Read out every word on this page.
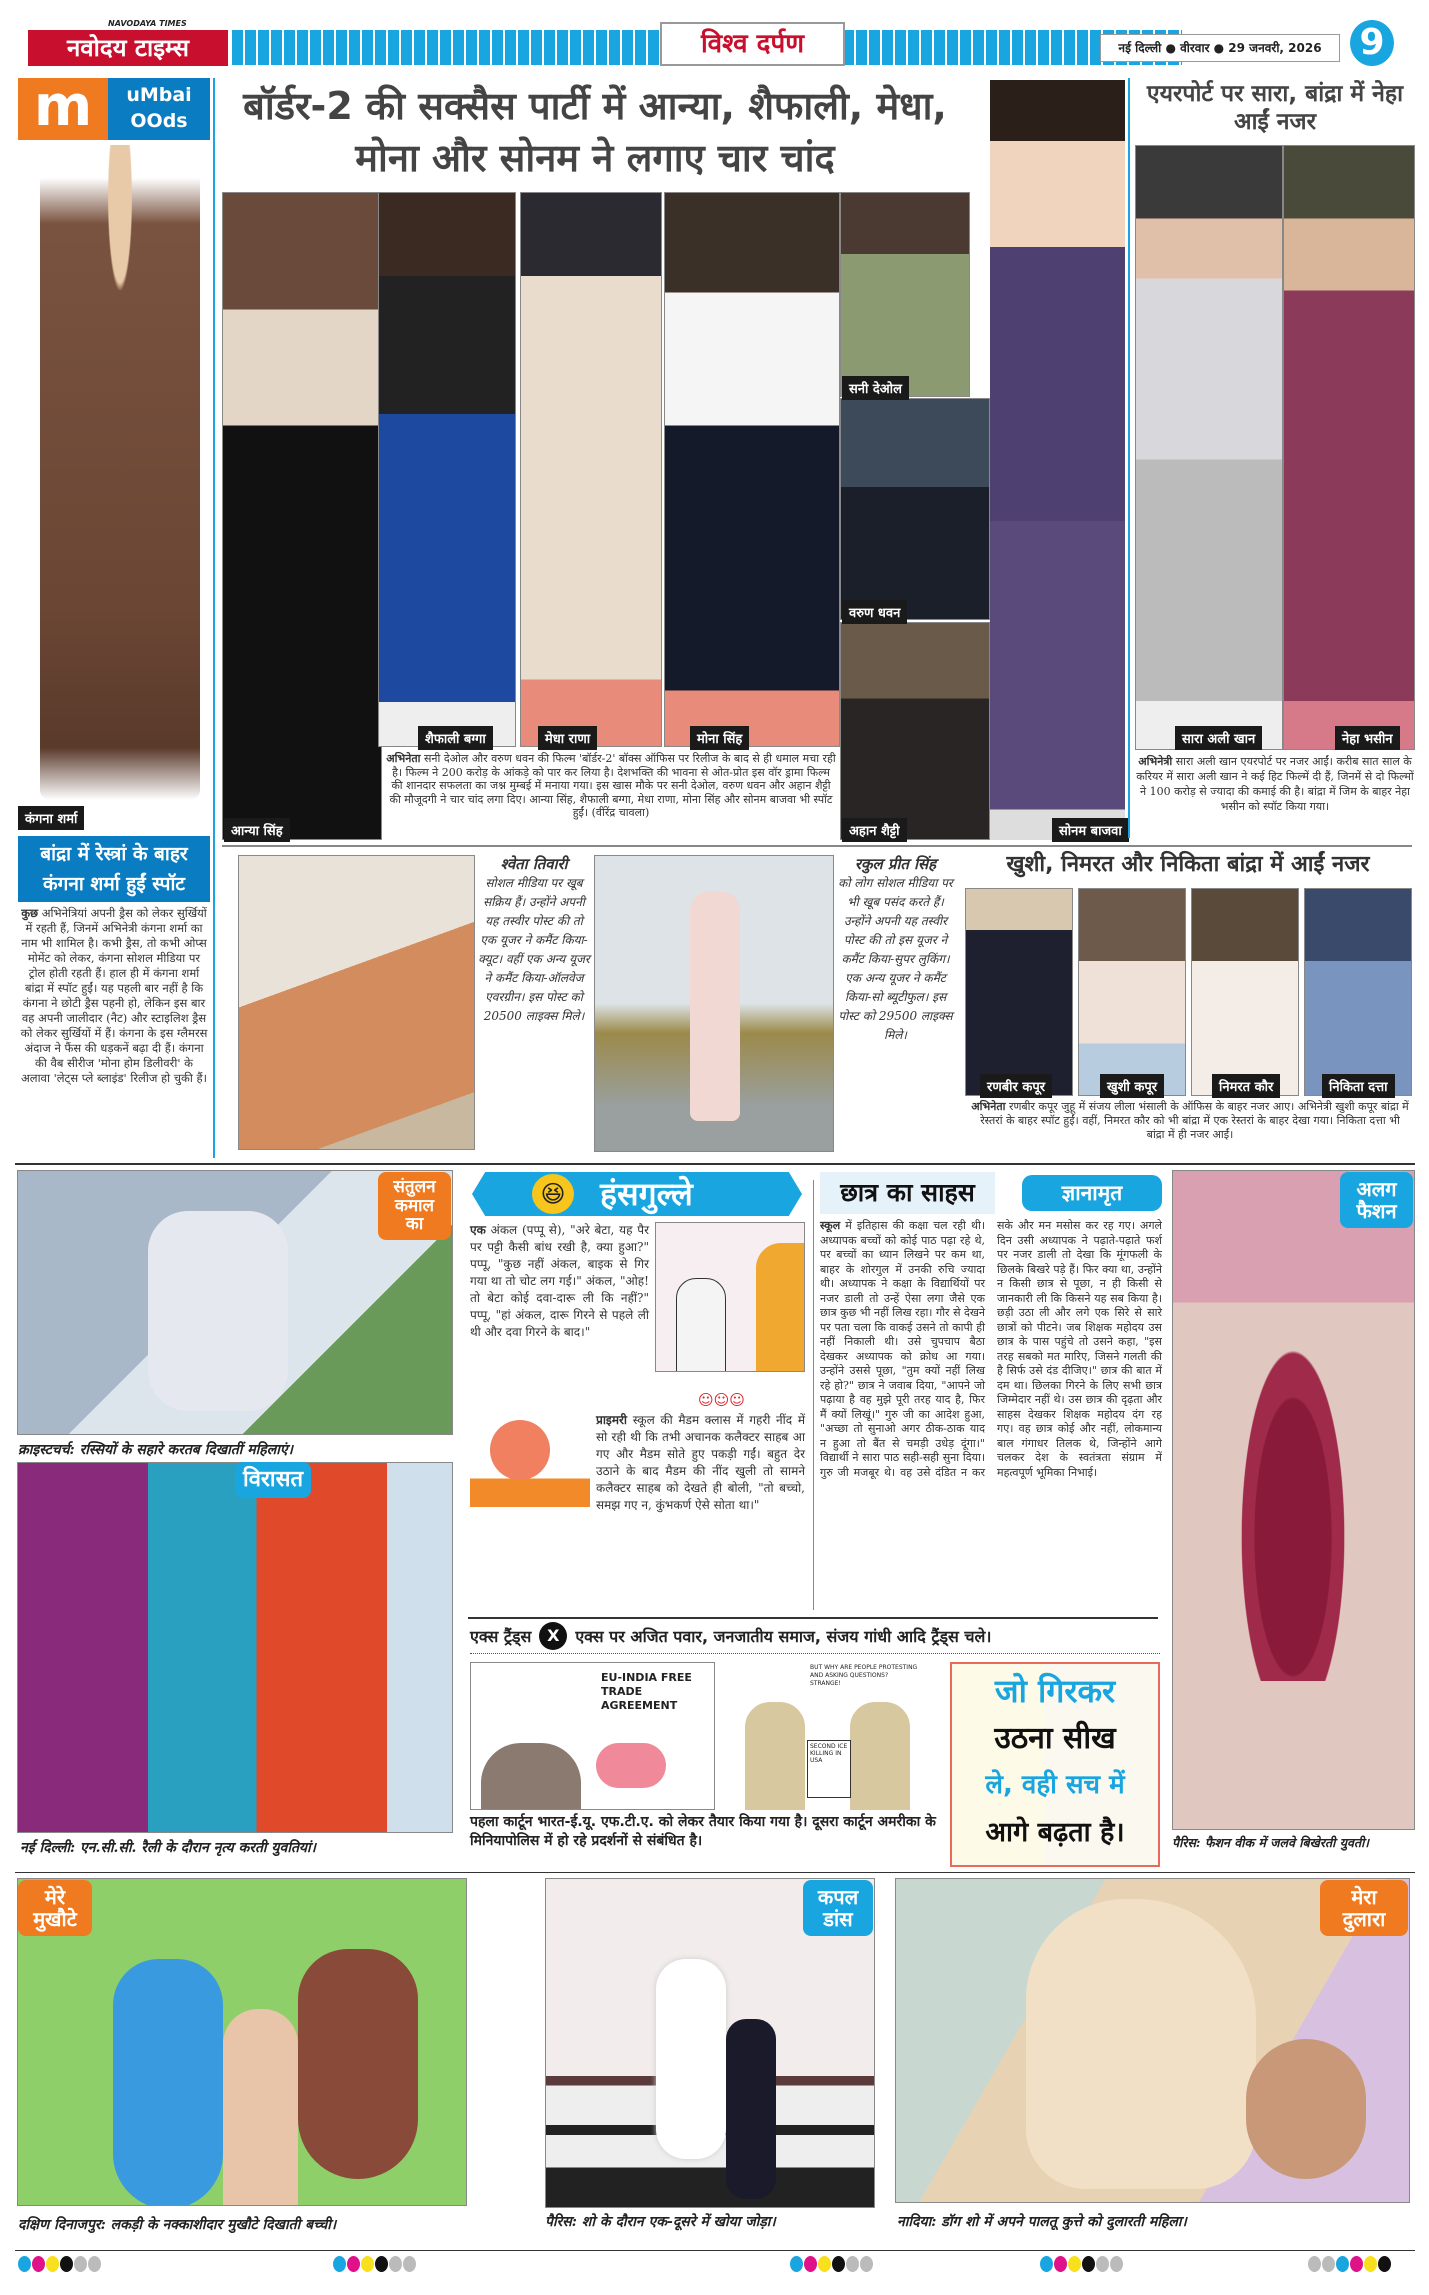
NAVODAYA TIMES
नवोदय टाइम्स	विश्व दर्पण	नई दिल्ली ● वीरवार ● 29 जनवरी, 2026	9
m	uMbai
OOds
कंगना शर्मा
बांद्रा में रेस्त्रां के बाहर कंगना शर्मा हुईं स्पॉट
कुछ अभिनेत्रियां अपनी ड्रैस को लेकर सुर्खियों में रहती हैं, जिनमें अभिनेत्री कंगना शर्मा का नाम भी शामिल है। कभी ड्रैस, तो कभी ओप्स मोमेंट को लेकर, कंगना सोशल मीडिया पर ट्रोल होती रहती हैं। हाल ही में कंगना शर्मा बांद्रा में स्पॉट हुईं। यह पहली बार नहीं है कि कंगना ने छोटी ड्रैस पहनी हो, लेकिन इस बार वह अपनी जालीदार (नैट) और स्टाइलिश ड्रैस को लेकर सुर्खियों में हैं। कंगना के इस ग्लैमरस अंदाज ने फैंस की धड़कनें बढ़ा दी हैं। कंगना की वैब सीरीज 'मोना होम डिलीवरी' के अलावा 'लेट्स प्ले ब्लाइंड' रिलीज हो चुकी हैं।
बॉर्डर-2 की सक्सैस पार्टी में आन्या, शैफाली, मेधा, मोना और सोनम ने लगाए चार चांद
आन्या सिंह
शैफाली बग्गा	मेधा राणा	मोना सिंह
सनी देओल
वरुण धवन
अहान शैट्टी	सोनम बाजवा
अभिनेता सनी देओल और वरुण धवन की फिल्म 'बॉर्डर-2' बॉक्स ऑफिस पर रिलीज के बाद से ही धमाल मचा रही है। फिल्म ने 200 करोड़ के आंकड़े को पार कर लिया है। देशभक्ति की भावना से ओत-प्रोत इस वॉर ड्रामा फिल्म की शानदार सफलता का जश्न मुम्बई में मनाया गया। इस खास मौके पर सनी देओल, वरुण धवन और अहान शैट्टी की मौजूदगी ने चार चांद लगा दिए। आन्या सिंह, शैफाली बग्गा, मेधा राणा, मोना सिंह और सोनम बाजवा भी स्पॉट हुईं। (वींरेंद्र चावला)
एयरपोर्ट पर सारा, बांद्रा में नेहा आईं नजर
सारा अली खान	नेहा भसीन
अभिनेत्री सारा अली खान एयरपोर्ट पर नजर आईं। करीब सात साल के करियर में सारा अली खान ने कई हिट फिल्में दी हैं, जिनमें से दो फिल्मों ने 100 करोड़ से ज्यादा की कमाई की है। बांद्रा में जिम के बाहर नेहा भसीन को स्पॉट किया गया।
श्वेता तिवारी
सोशल मीडिया पर खूब सक्रिय हैं। उन्होंने अपनी यह तस्वीर पोस्ट की तो एक यूजर ने कमैंट किया-क्यूट। वहीं एक अन्य यूजर ने कमैंट किया-ऑलवेज एवरग्रीन। इस पोस्ट को 20500 लाइक्स मिले।
रकुल प्रीत सिंह
को लोग सोशल मीडिया पर भी खूब पसंद करते हैं। उन्होंने अपनी यह तस्वीर पोस्ट की तो इस यूजर ने कमैंट किया-सुपर लुकिंग। एक अन्य यूजर ने कमैंट किया-सो ब्यूटीफुल। इस पोस्ट को 29500 लाइक्स मिले।
खुशी, निमरत और निकिता बांद्रा में आईं नजर
रणबीर कपूर	खुशी कपूर	निमरत कौर	निकिता दत्ता
अभिनेता रणबीर कपूर जुहू में संजय लीला भंसाली के ऑफिस के बाहर नजर आए। अभिनेत्री खुशी कपूर बांद्रा में रेस्तरां के बाहर स्पॉट हुईं। वहीं, निमरत कौर को भी बांद्रा में एक रेस्तरां के बाहर देखा गया। निकिता दत्ता भी बांद्रा में ही नजर आईं।
संतुलन कमाल का
क्राइस्टचर्च: रस्सियों के सहारे करतब दिखातीं महिलाएं।
विरासत
नई दिल्ली: एन.सी.सी. रैली के दौरान नृत्य करती युवतियां।
😆 हंसगुल्ले
एक अंकल (पप्पू से), "अरे बेटा, यह पैर पर पट्टी कैसी बांध रखी है, क्या हुआ?" पप्पू, "कुछ नहीं अंकल, बाइक से गिर गया था तो चोट लग गई।" अंकल, "ओह! तो बेटा कोई दवा-दारू ली कि नहीं?" पप्पू, "हां अंकल, दारू गिरने से पहले ली थी और दवा गिरने के बाद।"
☺☺☺
प्राइमरी स्कूल की मैडम क्लास में गहरी नींद में सो रही थी कि तभी अचानक कलैक्टर साहब आ गए और मैडम सोते हुए पकड़ी गईं। बहुत देर उठाने के बाद मैडम की नींद खुली तो सामने कलैक्टर साहब को देखते ही बोली, "तो बच्चो, समझ गए न, कुंभकर्ण ऐसे सोता था।"
छात्र का साहस	ज्ञानामृत
स्कूल में इतिहास की कक्षा चल रही थी। अध्यापक बच्चों को कोई पाठ पढ़ा रहे थे, पर बच्चों का ध्यान लिखने पर कम था, बाहर के शोरगुल में उनकी रुचि ज्यादा थी। अध्यापक ने कक्षा के विद्यार्थियों पर नजर डाली तो उन्हें ऐसा लगा जैसे एक छात्र कुछ भी नहीं लिख रहा। गौर से देखने पर पता चला कि वाकई उसने तो कापी ही नहीं निकाली थी। उसे चुपचाप बैठा देखकर अध्यापक को क्रोध आ गया। उन्होंने उससे पूछा, "तुम क्यों नहीं लिख रहे हो?" छात्र ने जवाब दिया, "आपने जो पढ़ाया है वह मुझे पूरी तरह याद है, फिर मैं क्यों लिखूं।" गुरु जी का आदेश हुआ, "अच्छा तो सुनाओ अगर ठीक-ठाक याद न हुआ तो बैंत से चमड़ी उधेड़ दूंगा।" विद्यार्थी ने सारा पाठ सही-सही सुना दिया। गुरु जी मजबूर थे। वह उसे दंडित न कर सके और मन मसोस कर रह गए। अगले दिन उसी अध्यापक ने पढ़ाते-पढ़ाते फर्श पर नजर डाली तो देखा कि मूंगफली के छिलके बिखरे पड़े हैं। फिर क्या था, उन्होंने न किसी छात्र से पूछा, न ही किसी से जानकारी ली कि किसने यह सब किया है। छड़ी उठा ली और लगे एक सिरे से सारे छात्रों को पीटने। जब शिक्षक महोदय उस छात्र के पास पहुंचे तो उसने कहा, "इस तरह सबको मत मारिए, जिसने गलती की है सिर्फ उसे दंड दीजिए।" छात्र की बात में दम था। छिलका गिरने के लिए सभी छात्र जिम्मेदार नहीं थे। उस छात्र की दृढ़ता और साहस देखकर शिक्षक महोदय दंग रह गए। वह छात्र कोई और नहीं, लोकमान्य बाल गंगाधर तिलक थे, जिन्होंने आगे चलकर देश के स्वतंत्रता संग्राम में महत्वपूर्ण भूमिका निभाई।
एक्स ट्रैंड्स X एक्स पर अजित पवार, जनजातीय समाज, संजय गांधी आदि ट्रैंड्स चले।
EU-INDIA FREE TRADE AGREEMENT
BUT WHY ARE PEOPLE PROTESTING AND ASKING QUESTIONS? STRANGE!
SECOND ICE KILLING IN USA
पहला कार्टून भारत-ई.यू. एफ.टी.ए. को लेकर तैयार किया गया है। दूसरा कार्टून अमरीका के मिनियापोलिस में हो रहे प्रदर्शनों से संबंधित है।
जो गिरकर
उठना सीख
ले, वही सच में
आगे बढ़ता है।
अलग फैशन
पैरिस: फैशन वीक में जलवे बिखेरती युवती।
मेरे मुखौटे
दक्षिण दिनाजपुर: लकड़ी के नक्काशीदार मुखौटे दिखाती बच्ची।
कपल डांस
पैरिस: शो के दौरान एक-दूसरे में खोया जोड़ा।
मेरा दुलारा
नादिया: डॉग शो में अपने पालतू कुत्ते को दुलारती महिला।
